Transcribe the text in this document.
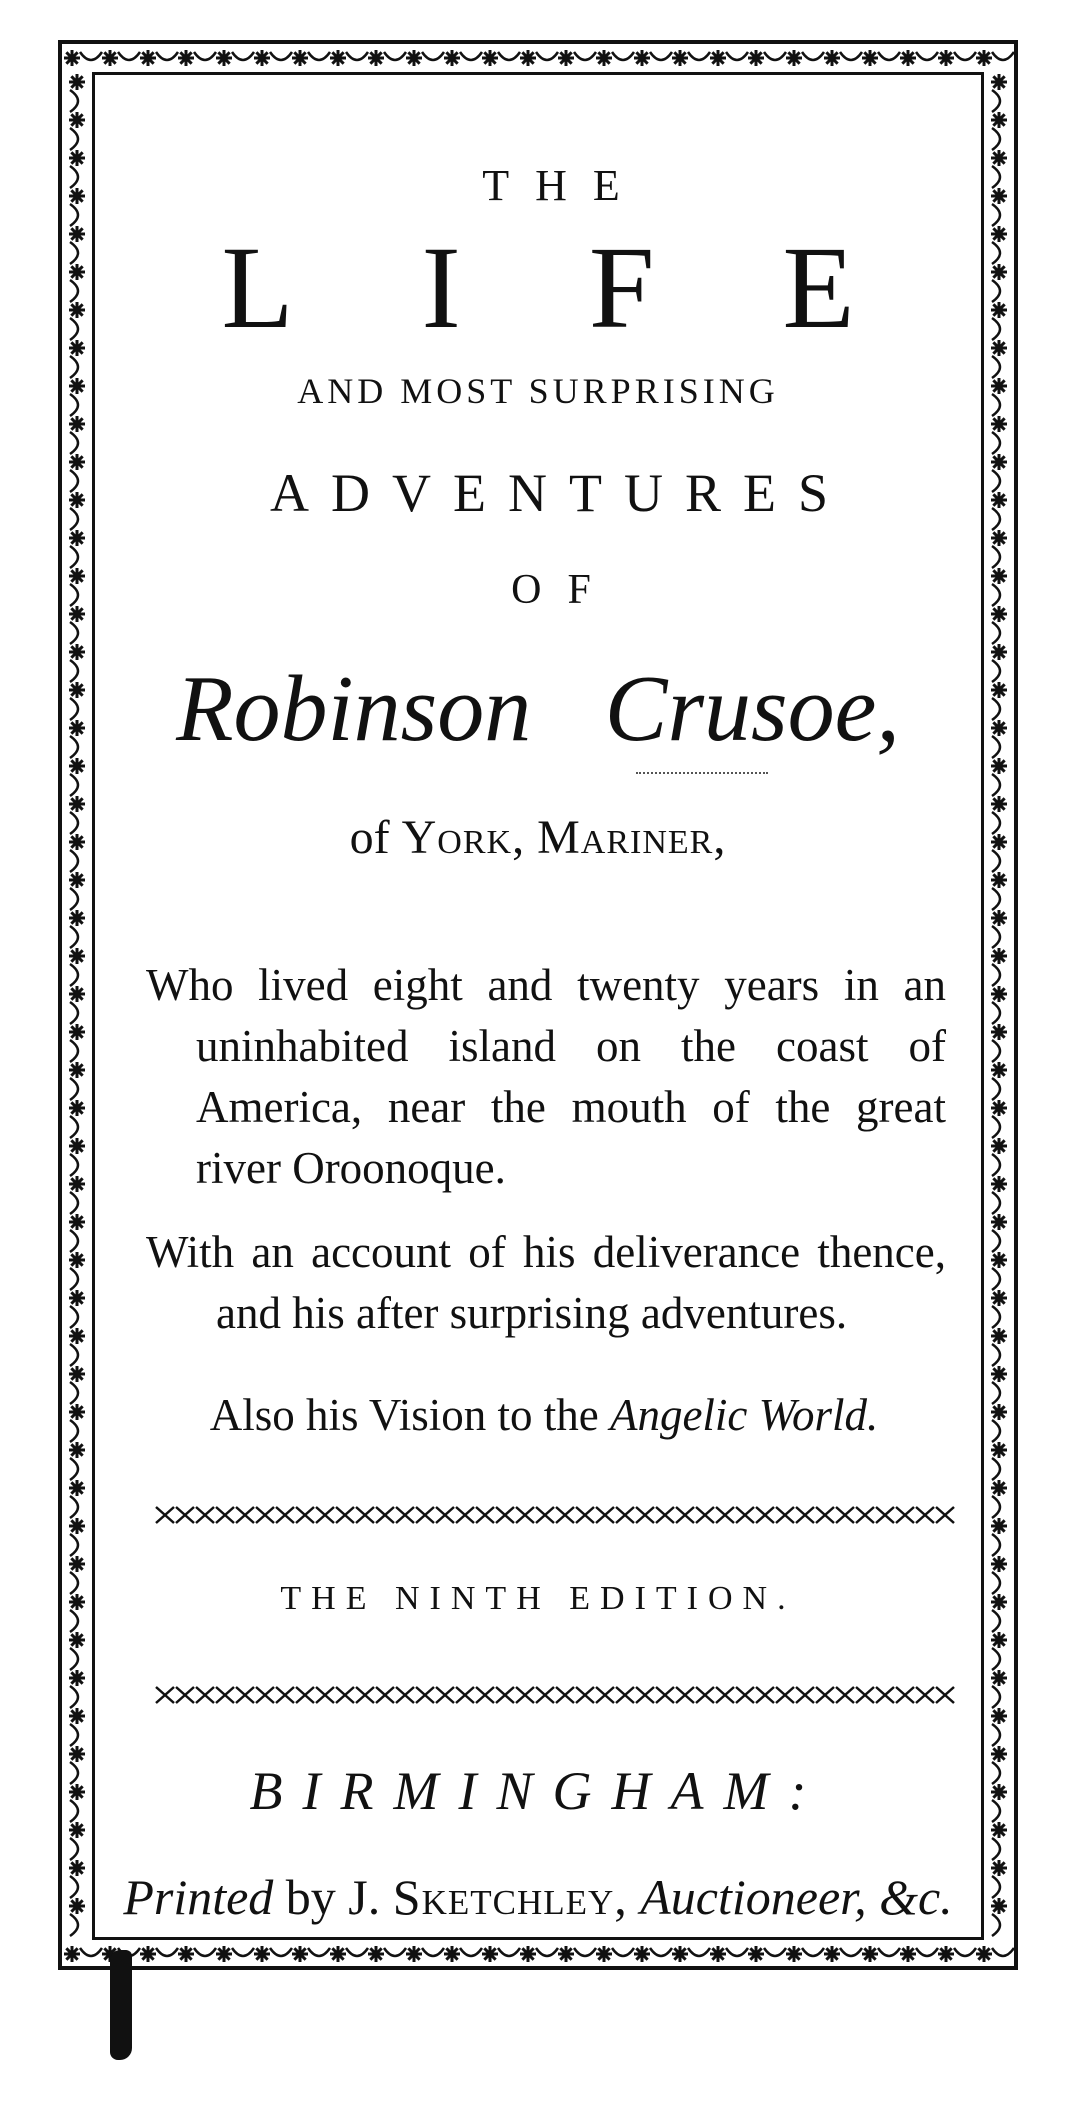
THE
L I F E
AND MOST SURPRISING
ADVENTURES
OF
Robinson Crusoe,
of York, Mariner,
Who lived eight and twenty years in an
uninhabited island on the coast of America, near the mouth of the great river Oroonoque.
With an account of his deliverance thence,
and his after surprising adventures.
Also his Vision to the Angelic World.
THE NINTH EDITION.
BIRMINGHAM:
Printed by J. Sketchley, Auctioneer, &c.
